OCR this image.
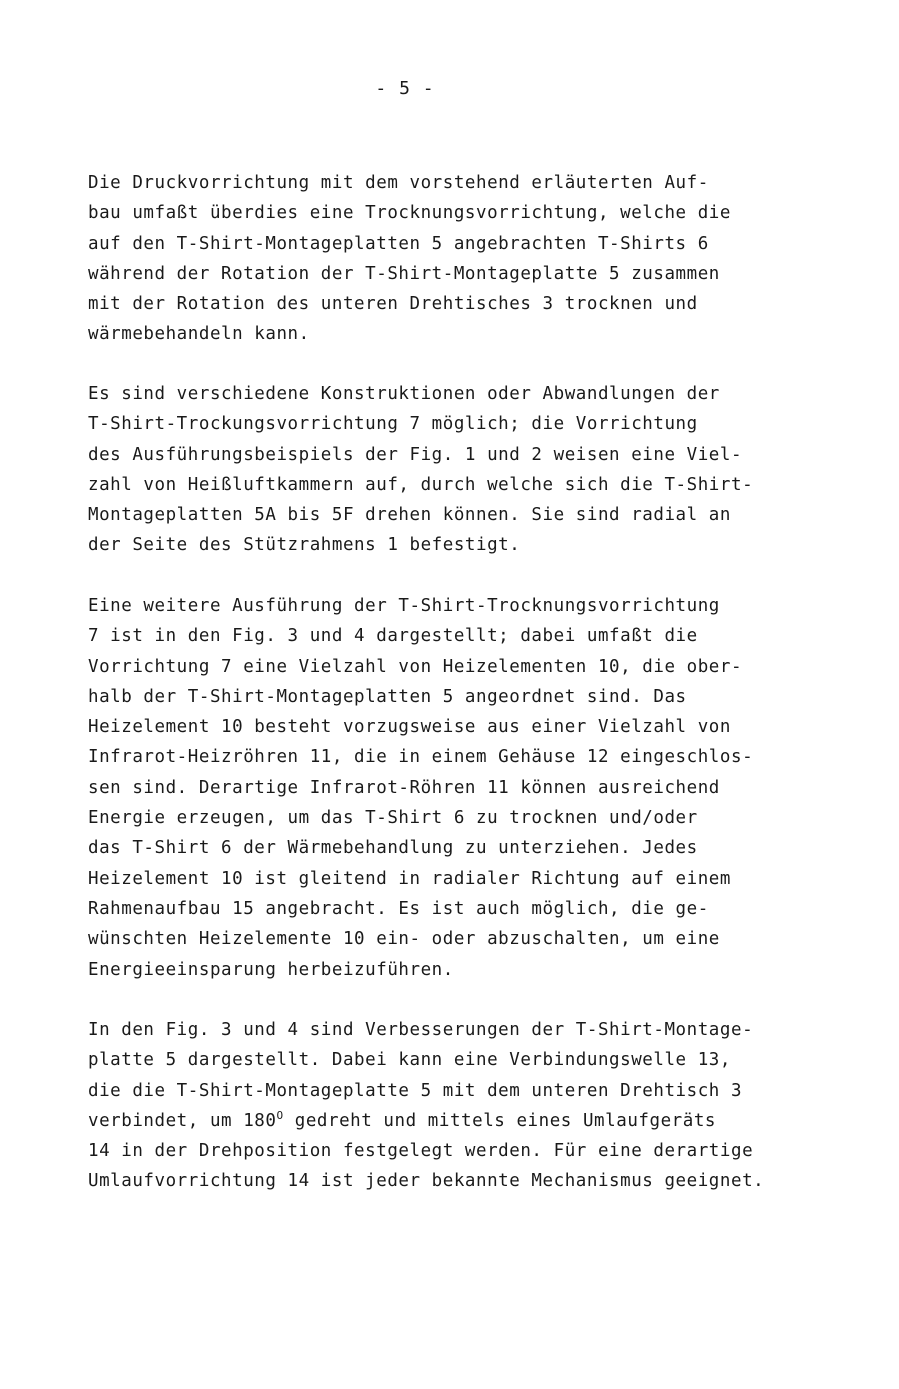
- 5 -
Die Druckvorrichtung mit dem vorstehend erläuterten Auf-
bau umfaßt überdies eine Trocknungsvorrichtung, welche die
auf den T-Shirt-Montageplatten 5 angebrachten T-Shirts 6
während der Rotation der T-Shirt-Montageplatte 5 zusammen
mit der Rotation des unteren Drehtisches 3 trocknen und
wärmebehandeln kann.
Es sind verschiedene Konstruktionen oder Abwandlungen der
T-Shirt-Trockungsvorrichtung 7 möglich; die Vorrichtung
des Ausführungsbeispiels der Fig. 1 und 2 weisen eine Viel-
zahl von Heißluftkammern auf, durch welche sich die T-Shirt-
Montageplatten 5A bis 5F drehen können. Sie sind radial an
der Seite des Stützrahmens 1 befestigt.
Eine weitere Ausführung der T-Shirt-Trocknungsvorrichtung
7 ist in den Fig. 3 und 4 dargestellt; dabei umfaßt die
Vorrichtung 7 eine Vielzahl von Heizelementen 10, die ober-
halb der T-Shirt-Montageplatten 5 angeordnet sind. Das
Heizelement 10 besteht vorzugsweise aus einer Vielzahl von
Infrarot-Heizröhren 11, die in einem Gehäuse 12 eingeschlos-
sen sind. Derartige Infrarot-Röhren 11 können ausreichend
Energie erzeugen, um das T-Shirt 6 zu trocknen und/oder
das T-Shirt 6 der Wärmebehandlung zu unterziehen. Jedes
Heizelement 10 ist gleitend in radialer Richtung auf einem
Rahmenaufbau 15 angebracht. Es ist auch möglich, die ge-
wünschten Heizelemente 10 ein- oder abzuschalten, um eine
Energieeinsparung herbeizuführen.
In den Fig. 3 und 4 sind Verbesserungen der T-Shirt-Montage-
platte 5 dargestellt. Dabei kann eine Verbindungswelle 13,
die die T-Shirt-Montageplatte 5 mit dem unteren Drehtisch 3
verbindet, um $180^O$ gedreht und mittels eines Umlaufgeräts
14 in der Drehposition festgelegt werden. Für eine derartige
Umlaufvorrichtung 14 ist jeder bekannte Mechanismus geeignet.
